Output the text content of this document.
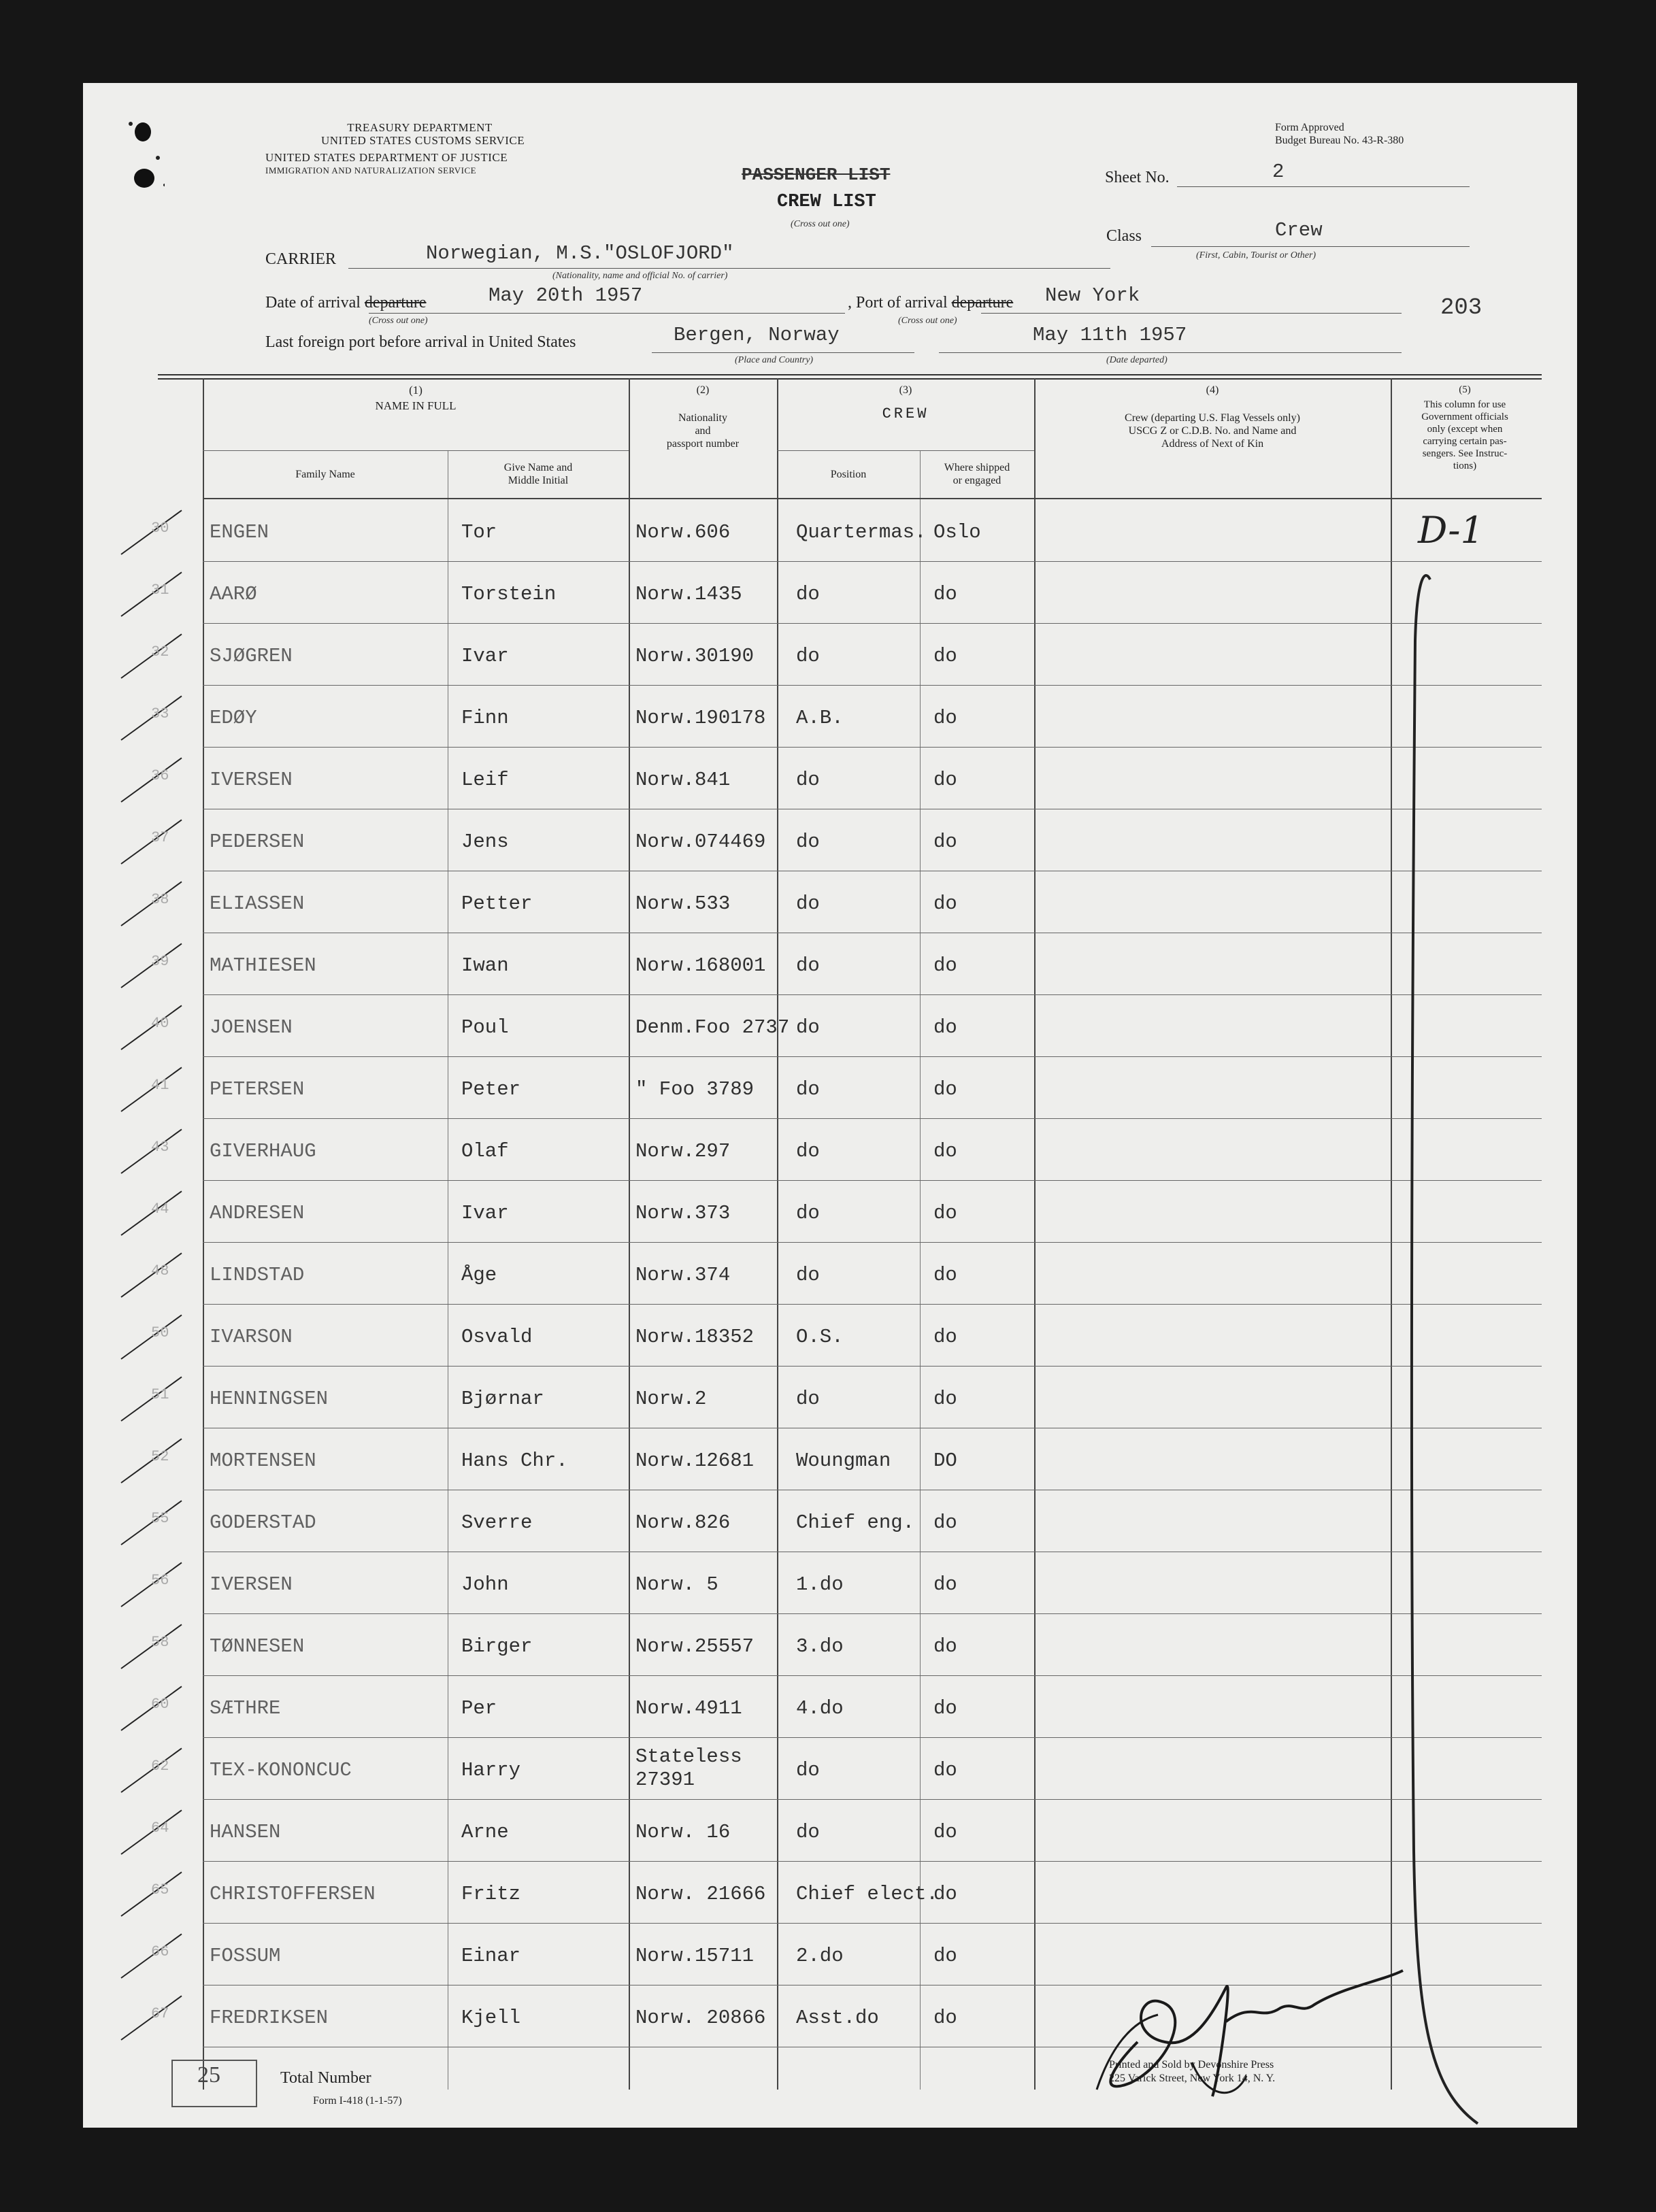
TREASURY DEPARTMENT
UNITED STATES CUSTOMS SERVICE
UNITED STATES DEPARTMENT OF JUSTICE
IMMIGRATION AND NATURALIZATION SERVICE
Form Approved
Budget Bureau No. 43-R-380
PASSENGER LIST
CREW LIST
(Cross out one)
Sheet No.	2
Class	Crew
(First, Cabin, Tourist or Other)
CARRIER	Norwegian, M.S."OSLOFJORD"
(Nationality, name and official No. of carrier)
Date of arrival departure	May 20th 1957
(Cross out one)
, Port of arrival departure New York
(Cross out one)	203
Last foreign port before arrival in United States	Bergen, Norway
(Place and Country)
May 11th 1957
(Date departed)
(1)
NAME IN FULL
Family Name
Give Name and
Middle Initial
(2)
Nationality
and
passport number
(3)
CREW
Position
Where shipped
or engaged
(4)
Crew (departing U.S. Flag Vessels only)
USCG Z or C.D.B. No. and Name and
Address of Next of Kin
(5)
This column for use
Government officials
only (except when
carrying certain pas-
sengers. See Instruc-
tions)
30 ENGEN	Tor	Norw.606	Quartermas. Oslo
31 AARØ	Torstein	Norw.1435	do	do
32 SJØGREN	Ivar	Norw.30190 do	do
33 EDØY	Finn	Norw.190178 A.B.	do
36 IVERSEN	Leif	Norw.841	do	do
37 PEDERSEN	Jens	Norw.074469 do	do
38 ELIASSEN	Petter	Norw.533	do	do
39 MATHIESEN	Iwan	Norw.168001 do	do
40 JOENSEN	Poul	Denm.Foo 2737 do	do
41 PETERSEN	Peter	" Foo 3789 do	do
43 GIVERHAUG	Olaf	Norw.297	do	do
44 ANDRESEN	Ivar	Norw.373	do	do
48 LINDSTAD	Åge	Norw.374	do	do
50 IVARSON	Osvald	Norw.18352 O.S.	do
51 HENNINGSEN	Bjørnar	Norw.2	do	do
52 MORTENSEN	Hans Chr.	Norw.12681 Woungman DO
55 GODERSTAD	Sverre	Norw.826	Chief eng. do
56 IVERSEN	John	Norw. 5	1.do	do
58 TØNNESEN	Birger	Norw.25557 3.do	do
60 SÆTHRE	Per	Norw.4911	4.do	do
62 TEX-KONONCUC	Harry
Stateless
27391	do	do
64 HANSEN	Arne	Norw. 16	do	do
65 CHRISTOFFERSEN	Fritz	Norw. 21666 Chief elect.
do
66 FOSSUM	Einar	Norw.15711 2.do	do
67 FREDRIKSEN	Kjell	Norw. 20866 Asst.do	do
D-1
25	Total Number
Form I-418 (1-1-57)
Printed and Sold by Devonshire Press
225 Varick Street, New York 14, N. Y.
